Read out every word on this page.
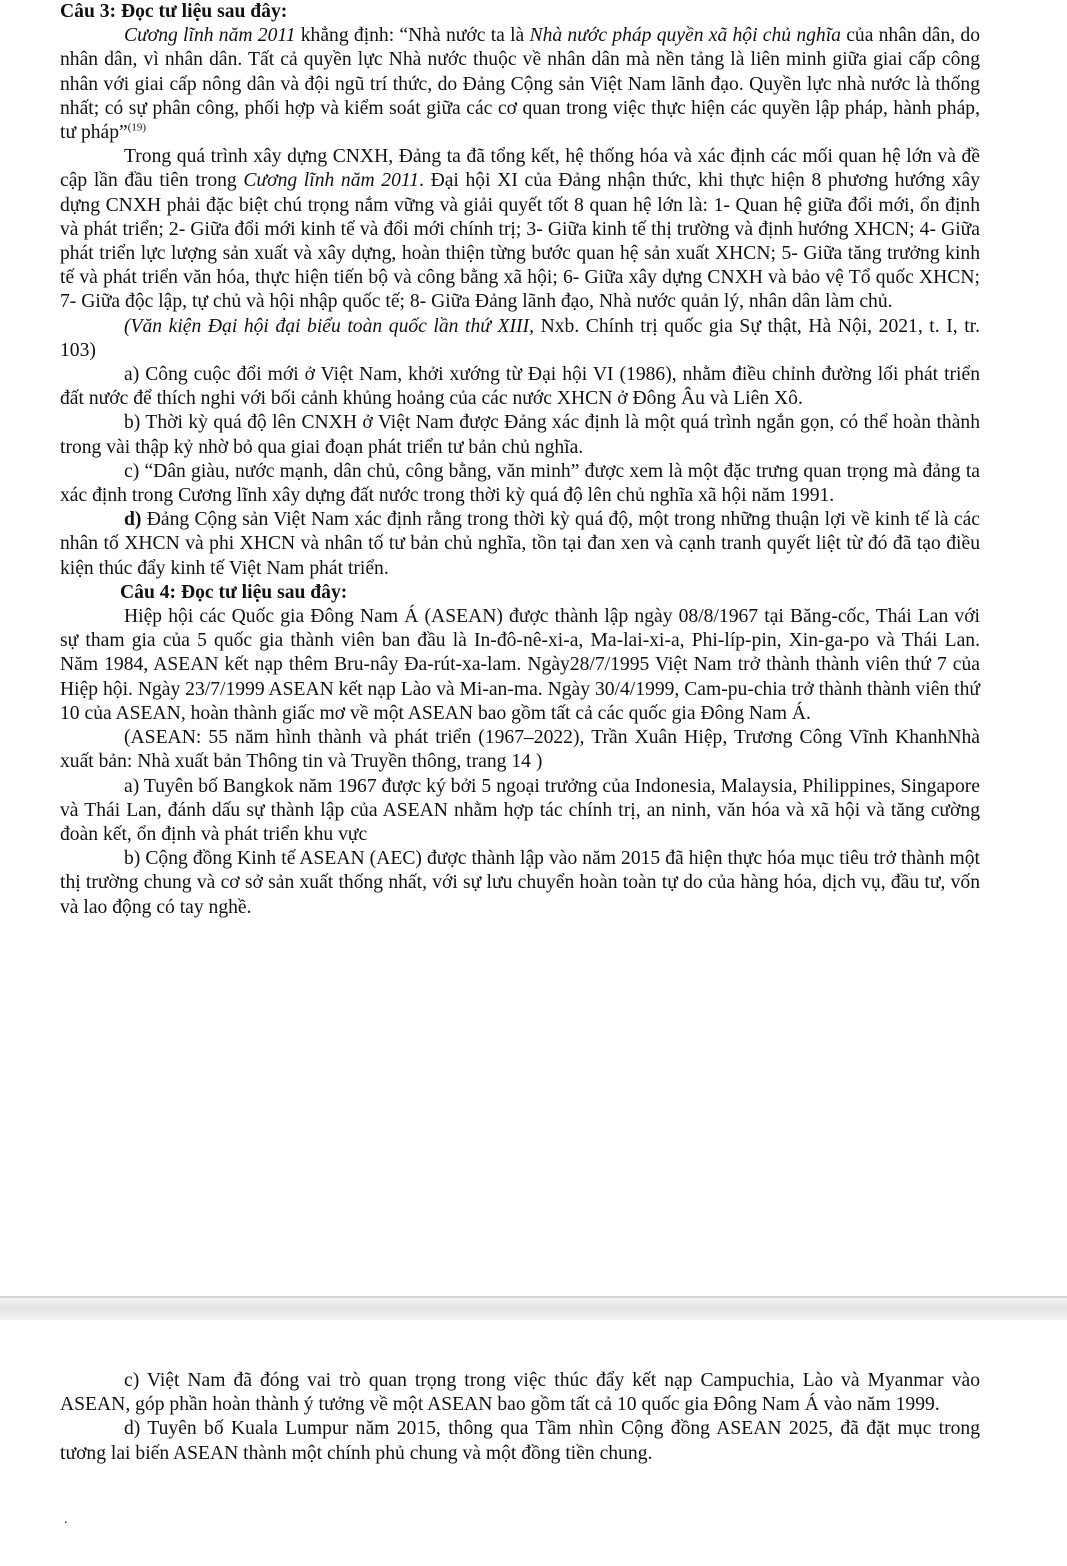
Câu 3: Đọc tư liệu sau đây:

Cương lĩnh năm 2011 khẳng định: “Nhà nước ta là Nhà nước pháp quyền xã hội chủ nghĩa của nhân dân, do nhân dân, vì nhân dân. Tất cả quyền lực Nhà nước thuộc về nhân dân mà nền tảng là liên minh giữa giai cấp công nhân với giai cấp nông dân và đội ngũ trí thức, do Đảng Cộng sản Việt Nam lãnh đạo. Quyền lực nhà nước là thống nhất; có sự phân công, phối hợp và kiểm soát giữa các cơ quan trong việc thực hiện các quyền lập pháp, hành pháp, tư pháp”$^{(19)}$

Trong quá trình xây dựng CNXH, Đảng ta đã tổng kết, hệ thống hóa và xác định các mối quan hệ lớn và đề cập lần đầu tiên trong Cương lĩnh năm 2011. Đại hội XI của Đảng nhận thức, khi thực hiện 8 phương hướng xây dựng CNXH phải đặc biệt chú trọng nắm vững và giải quyết tốt 8 quan hệ lớn là: 1- Quan hệ giữa đổi mới, ổn định và phát triển; 2- Giữa đổi mới kinh tế và đổi mới chính trị; 3- Giữa kinh tế thị trường và định hướng XHCN; 4- Giữa phát triển lực lượng sản xuất và xây dựng, hoàn thiện từng bước quan hệ sản xuất XHCN; 5- Giữa tăng trưởng kinh tế và phát triển văn hóa, thực hiện tiến bộ và công bằng xã hội; 6- Giữa xây dựng CNXH và bảo vệ Tổ quốc XHCN; 7- Giữa độc lập, tự chủ và hội nhập quốc tế; 8- Giữa Đảng lãnh đạo, Nhà nước quản lý, nhân dân làm chủ.

(Văn kiện Đại hội đại biểu toàn quốc lần thứ XIII, Nxb. Chính trị quốc gia Sự thật, Hà Nội, 2021, t. I, tr. 103)

a) Công cuộc đổi mới ở Việt Nam, khởi xướng từ Đại hội VI (1986), nhằm điều chỉnh đường lối phát triển đất nước để thích nghi với bối cảnh khủng hoảng của các nước XHCN ở Đông Âu và Liên Xô.

b) Thời kỳ quá độ lên CNXH ở Việt Nam được Đảng xác định là một quá trình ngắn gọn, có thể hoàn thành trong vài thập kỷ nhờ bỏ qua giai đoạn phát triển tư bản chủ nghĩa.

c) “Dân giàu, nước mạnh, dân chủ, công bằng, văn minh” được xem là một đặc trưng quan trọng mà đảng ta xác định trong Cương lĩnh xây dựng đất nước trong thời kỳ quá độ lên chủ nghĩa xã hội năm 1991.

d) Đảng Cộng sản Việt Nam xác định rằng trong thời kỳ quá độ, một trong những thuận lợi về kinh tế là các nhân tố XHCN và phi XHCN và nhân tố tư bản chủ nghĩa, tồn tại đan xen và cạnh tranh quyết liệt từ đó đã tạo điều kiện thúc đẩy kinh tế Việt Nam phát triển.

Câu 4: Đọc tư liệu sau đây:

Hiệp hội các Quốc gia Đông Nam Á (ASEAN) được thành lập ngày 08/8/1967 tại Băng-cốc, Thái Lan với sự tham gia của 5 quốc gia thành viên ban đầu là In-đô-nê-xi-a, Ma-lai-xi-a, Phi-líp-pin, Xin-ga-po và Thái Lan. Năm 1984, ASEAN kết nạp thêm Bru-nây Đa-rút-xa-lam. Ngày28/7/1995 Việt Nam trở thành thành viên thứ 7 của Hiệp hội. Ngày 23/7/1999 ASEAN kết nạp Lào và Mi-an-ma. Ngày 30/4/1999, Cam-pu-chia trở thành thành viên thứ 10 của ASEAN, hoàn thành giấc mơ về một ASEAN bao gồm tất cả các quốc gia Đông Nam Á.

(ASEAN: 55 năm hình thành và phát triển (1967–2022), Trần Xuân Hiệp, Trương Công Vĩnh KhanhNhà xuất bản: Nhà xuất bản Thông tin và Truyền thông, trang 14 )

a) Tuyên bố Bangkok năm 1967 được ký bởi 5 ngoại trưởng của Indonesia, Malaysia, Philippines, Singapore và Thái Lan, đánh dấu sự thành lập của ASEAN nhằm hợp tác chính trị, an ninh, văn hóa và xã hội và tăng cường đoàn kết, ổn định và phát triển khu vực

b) Cộng đồng Kinh tế ASEAN (AEC) được thành lập vào năm 2015 đã hiện thực hóa mục tiêu trở thành một thị trường chung và cơ sở sản xuất thống nhất, với sự lưu chuyển hoàn toàn tự do của hàng hóa, dịch vụ, đầu tư, vốn và lao động có tay nghề.

c) Việt Nam đã đóng vai trò quan trọng trong việc thúc đẩy kết nạp Campuchia, Lào và Myanmar vào ASEAN, góp phần hoàn thành ý tưởng về một ASEAN bao gồm tất cả 10 quốc gia Đông Nam Á vào năm 1999.

d) Tuyên bố Kuala Lumpur năm 2015, thông qua Tầm nhìn Cộng đồng ASEAN 2025, đã đặt mục trong tương lai biến ASEAN thành một chính phủ chung và một đồng tiền chung.

.
